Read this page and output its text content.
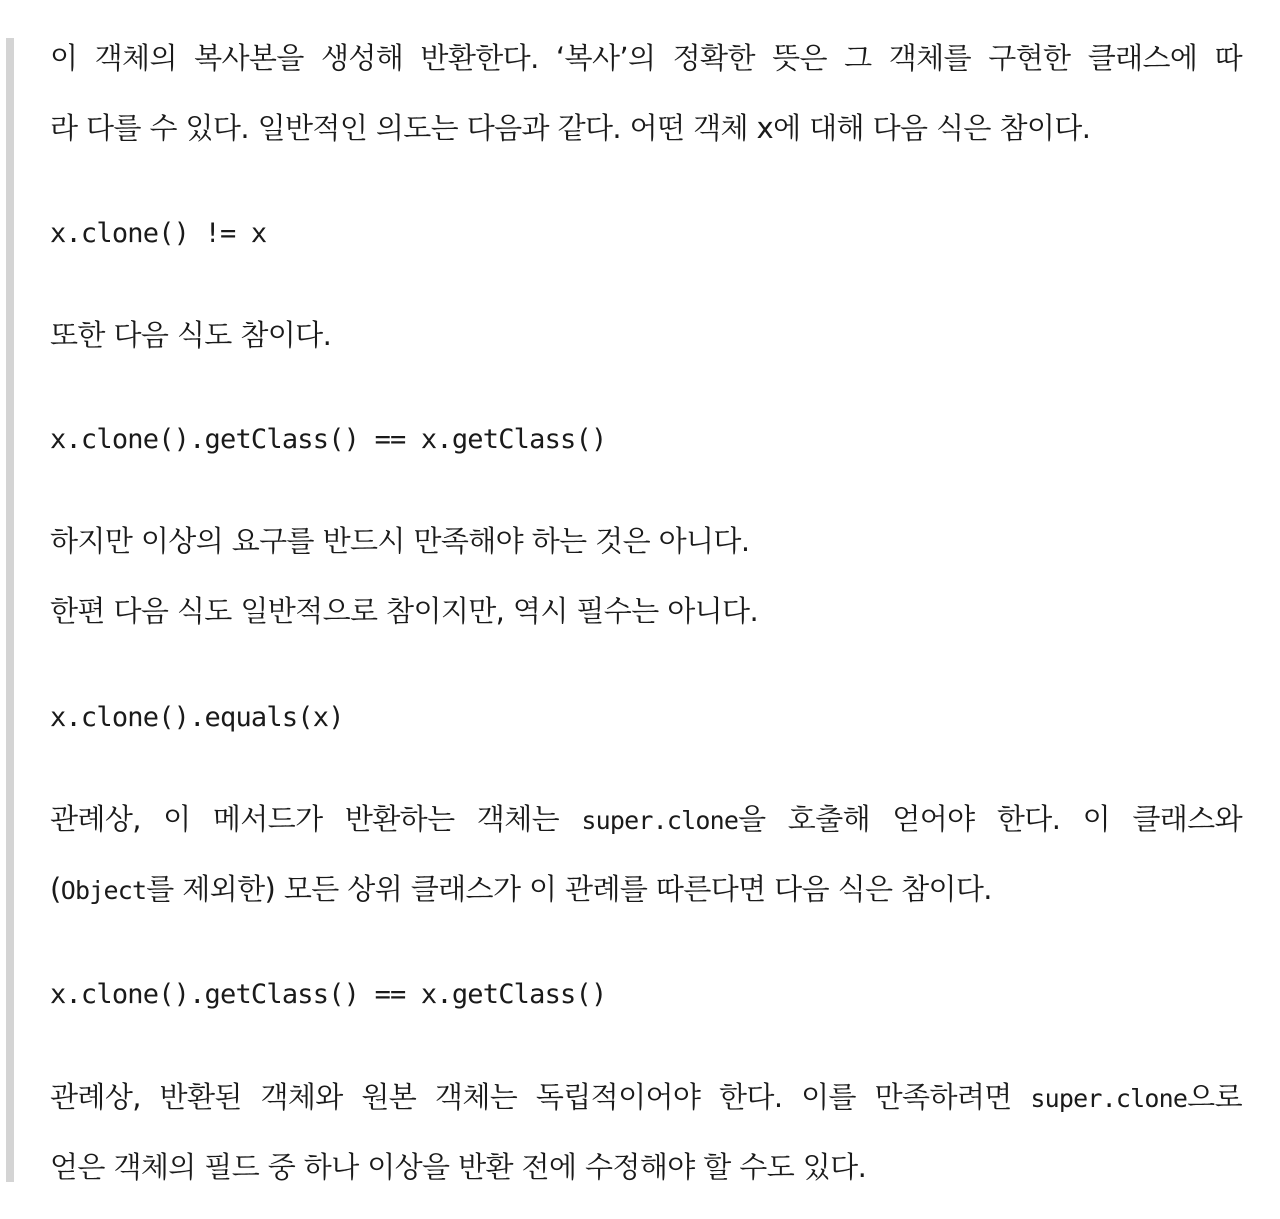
이 객체의 복사본을 생성해 반환한다. ‘복사’의 정확한 뜻은 그 객체를 구현한 클래스에 따
라 다를 수 있다. 일반적인 의도는 다음과 같다. 어떤 객체 x에 대해 다음 식은 참이다.
x.clone() != x
또한 다음 식도 참이다.
x.clone().getClass() == x.getClass()
하지만 이상의 요구를 반드시 만족해야 하는 것은 아니다.
한편 다음 식도 일반적으로 참이지만, 역시 필수는 아니다.
x.clone().equals(x)
관례상, 이 메서드가 반환하는 객체는 super.clone을 호출해 얻어야 한다. 이 클래스와
(Object를 제외한) 모든 상위 클래스가 이 관례를 따른다면 다음 식은 참이다.
x.clone().getClass() == x.getClass()
관례상, 반환된 객체와 원본 객체는 독립적이어야 한다. 이를 만족하려면 super.clone으로
얻은 객체의 필드 중 하나 이상을 반환 전에 수정해야 할 수도 있다.
